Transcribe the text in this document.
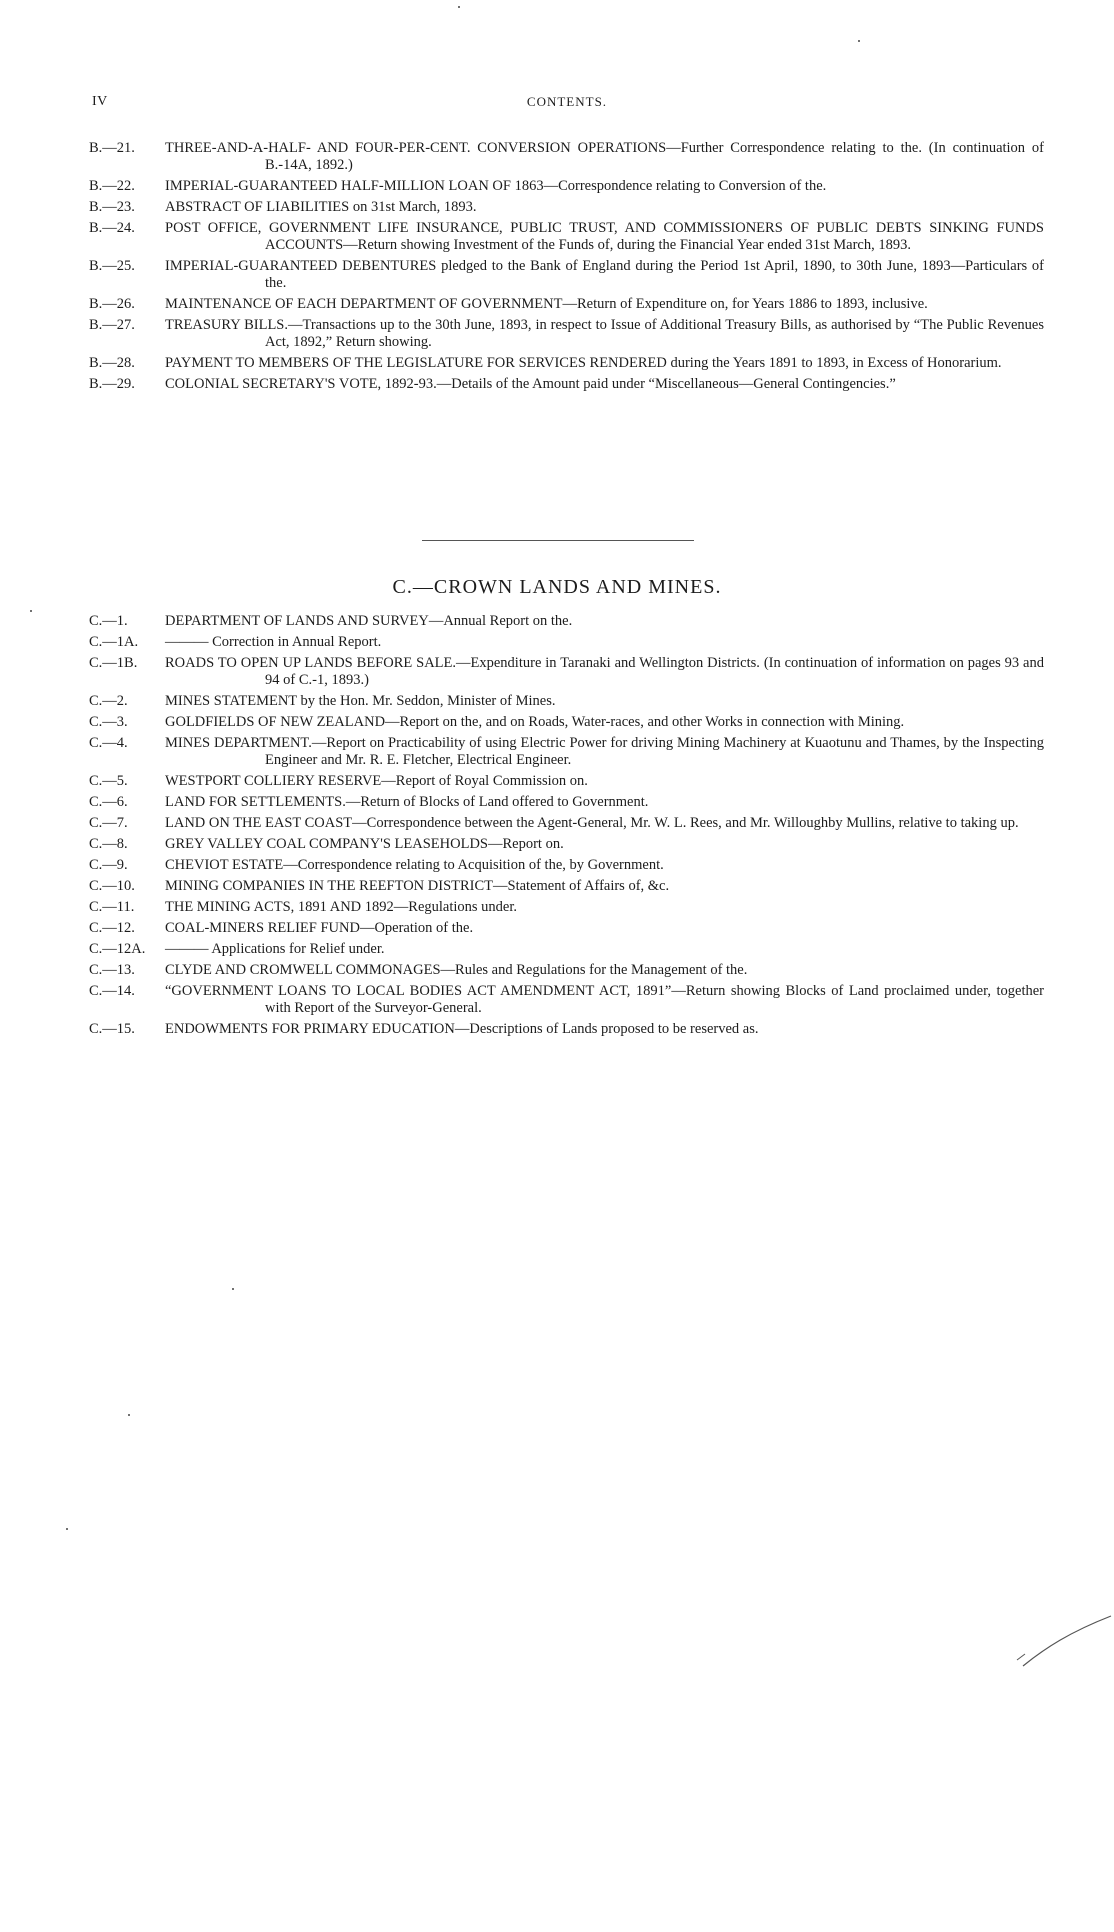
IV	CONTENTS.
B.—21.	THREE-AND-A-HALF- AND FOUR-PER-CENT. CONVERSION OPERATIONS—Further Correspondence relating to the. (In continuation of B.-14A, 1892.)
B.—22.	IMPERIAL-GUARANTEED HALF-MILLION LOAN OF 1863—Correspondence relating to Conversion of the.
B.—23.	ABSTRACT OF LIABILITIES on 31st March, 1893.
B.—24.	POST OFFICE, GOVERNMENT LIFE INSURANCE, PUBLIC TRUST, AND COMMISSIONERS OF PUBLIC DEBTS SINKING FUNDS ACCOUNTS—Return showing Investment of the Funds of, during the Financial Year ended 31st March, 1893.
B.—25.	IMPERIAL-GUARANTEED DEBENTURES pledged to the Bank of England during the Period 1st April, 1890, to 30th June, 1893—Particulars of the.
B.—26.	MAINTENANCE OF EACH DEPARTMENT OF GOVERNMENT—Return of Expenditure on, for Years 1886 to 1893, inclusive.
B.—27.	TREASURY BILLS.—Transactions up to the 30th June, 1893, in respect to Issue of Additional Treasury Bills, as authorised by “The Public Revenues Act, 1892,” Return showing.
B.—28.	PAYMENT TO MEMBERS OF THE LEGISLATURE FOR SERVICES RENDERED during the Years 1891 to 1893, in Excess of Honorarium.
B.—29.	COLONIAL SECRETARY'S VOTE, 1892-93.—Details of the Amount paid under “Miscellaneous—General Contingencies.”
C.—CROWN LANDS AND MINES.
C.—1.	DEPARTMENT OF LANDS AND SURVEY—Annual Report on the.
C.—1A.	——— Correction in Annual Report.
C.—1B.	ROADS TO OPEN UP LANDS BEFORE SALE.—Expenditure in Taranaki and Wellington Districts. (In continuation of information on pages 93 and 94 of C.-1, 1893.)
C.—2.	MINES STATEMENT by the Hon. Mr. Seddon, Minister of Mines.
C.—3.	GOLDFIELDS OF NEW ZEALAND—Report on the, and on Roads, Water-races, and other Works in connection with Mining.
C.—4.	MINES DEPARTMENT.—Report on Practicability of using Electric Power for driving Mining Machinery at Kuaotunu and Thames, by the Inspecting Engineer and Mr. R. E. Fletcher, Electrical Engineer.
C.—5.	WESTPORT COLLIERY RESERVE—Report of Royal Commission on.
C.—6.	LAND FOR SETTLEMENTS.—Return of Blocks of Land offered to Government.
C.—7.	LAND ON THE EAST COAST—Correspondence between the Agent-General, Mr. W. L. Rees, and Mr. Willoughby Mullins, relative to taking up.
C.—8.	GREY VALLEY COAL COMPANY'S LEASEHOLDS—Report on.
C.—9.	CHEVIOT ESTATE—Correspondence relating to Acquisition of the, by Government.
C.—10.	MINING COMPANIES IN THE REEFTON DISTRICT—Statement of Affairs of, &c.
C.—11.	THE MINING ACTS, 1891 AND 1892—Regulations under.
C.—12.	COAL-MINERS RELIEF FUND—Operation of the.
C.—12A.	——— Applications for Relief under.
C.—13.	CLYDE AND CROMWELL COMMONAGES—Rules and Regulations for the Management of the.
C.—14.	“GOVERNMENT LOANS TO LOCAL BODIES ACT AMENDMENT ACT, 1891”—Return showing Blocks of Land proclaimed under, together with Report of the Surveyor-General.
C.—15.	ENDOWMENTS FOR PRIMARY EDUCATION—Descriptions of Lands proposed to be reserved as.
